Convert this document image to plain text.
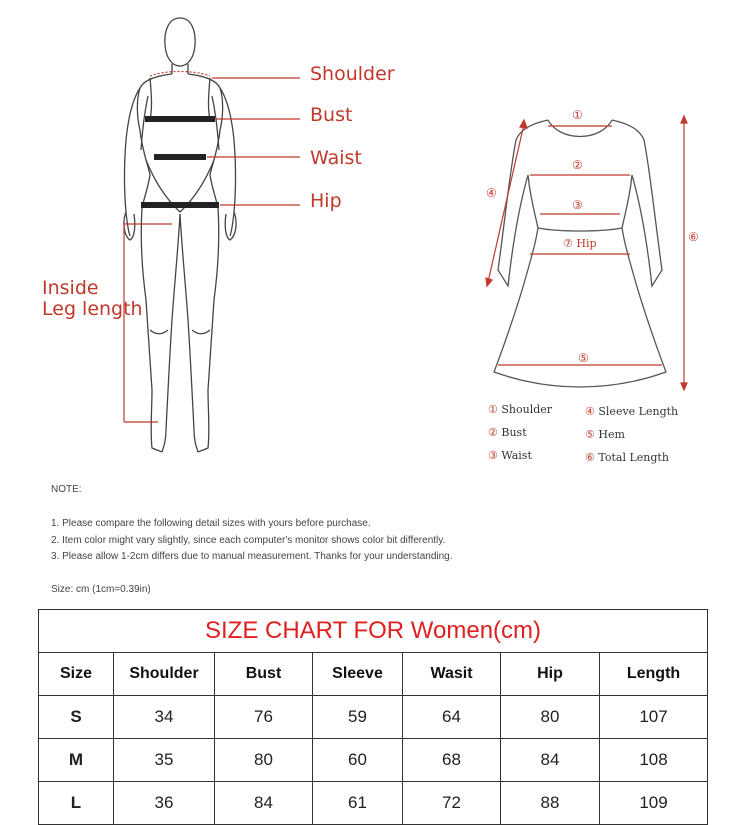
Shoulder
Bust
Waist
Hip
Inside
Leg length
①
②
③
④
⑤
⑥
⑦ Hip
① Shoulder
② Bust
③ Waist
④ Sleeve Length
⑤ Hem
⑥ Total Length
NOTE:
1. Please compare the following detail sizes with yours before purchase.
2. Item color might vary slightly, since each computer's monitor shows color bit differently.
3. Please allow 1-2cm differs due to manual measurement. Thanks for your understanding.
Size: cm (1cm=0.39in)
SIZE CHART FOR Women(cm)						
Size	Shoulder	Bust	Sleeve	Wasit	Hip	Length
S	34	76	59	64	80	107
M	35	80	60	68	84	108
L	36	84	61	72	88	109
